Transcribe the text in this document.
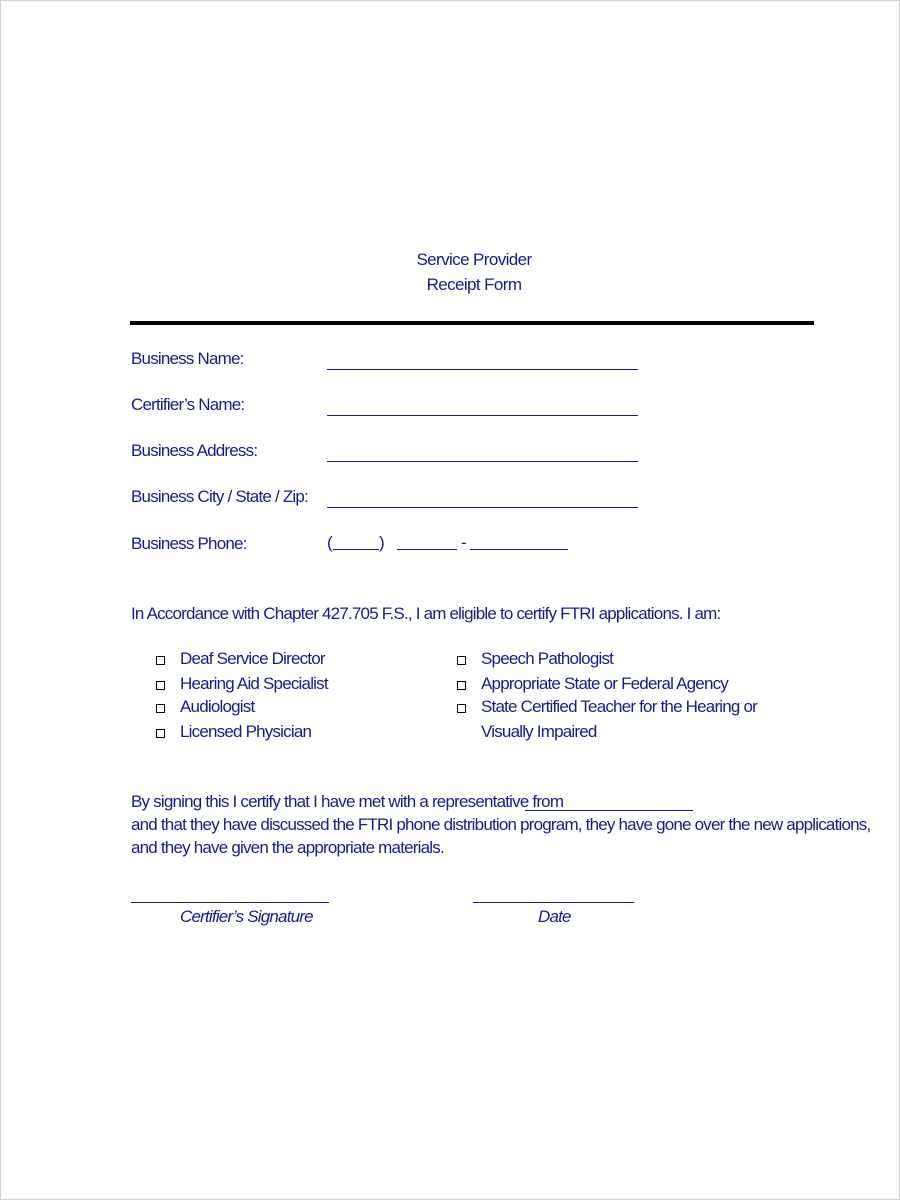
Service Provider
Receipt Form
Business Name:
Certifier’s Name:
Business Address:
Business City / State / Zip:
Business Phone:	(	)	-
In Accordance with Chapter 427.705 F.S., I am eligible to certify FTRI applications. I am:
Deaf Service Director
Hearing Aid Specialist
Audiologist
Licensed Physician
Speech Pathologist
Appropriate State or Federal Agency
State Certified Teacher for the Hearing or
Visually Impaired
By signing this I certify that I have met with a representative from
and that they have discussed the FTRI phone distribution program, they have gone over the new applications,
and they have given the appropriate materials.
Certifier’s Signature	Date
